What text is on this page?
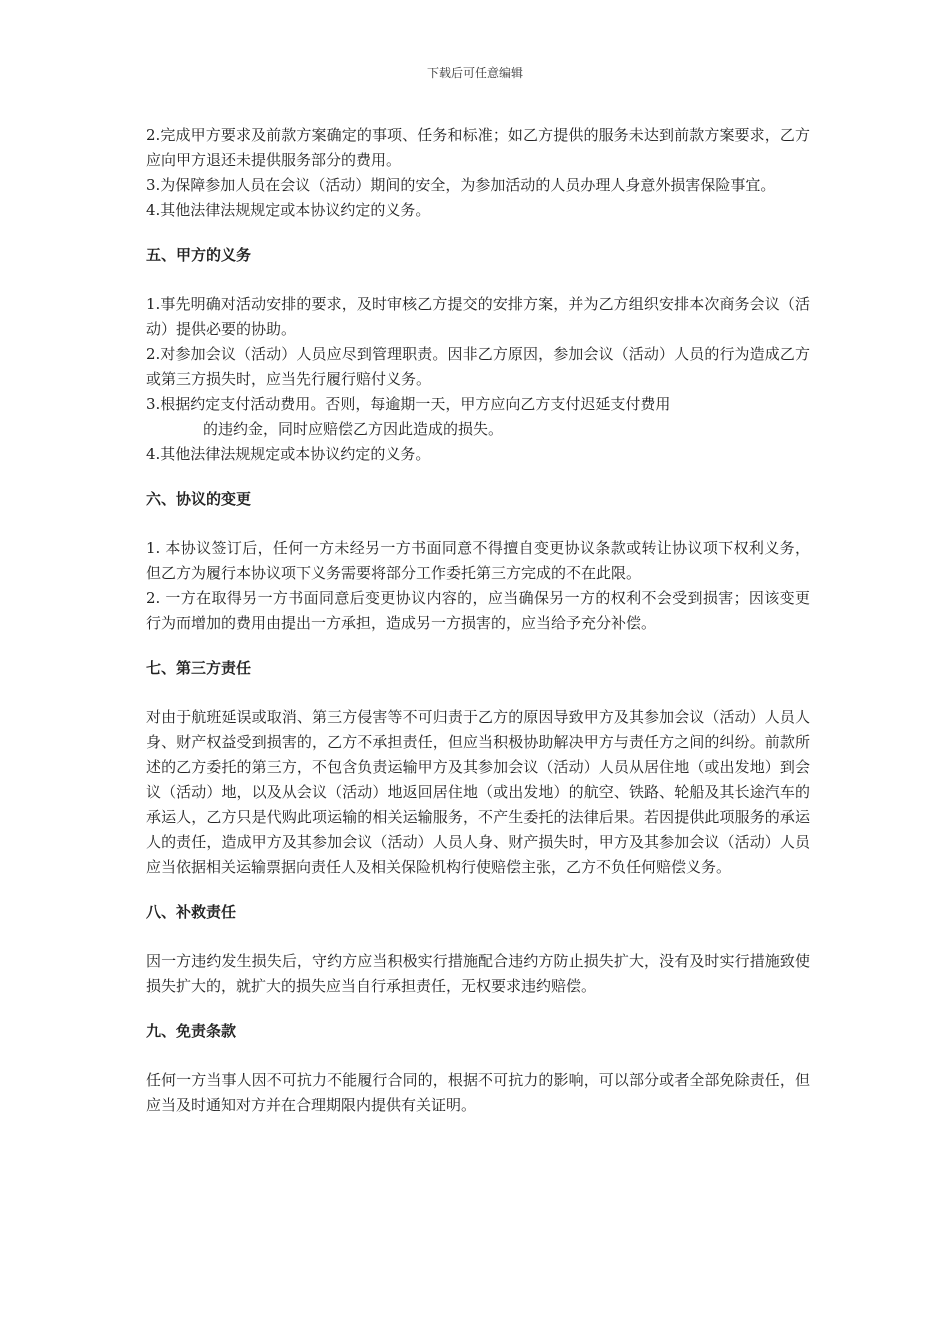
下载后可任意编辑

2.完成甲方要求及前款方案确定的事项、任务和标准；如乙方提供的服务未达到前款方案要求，乙方应向甲方退还未提供服务部分的费用。

3.为保障参加人员在会议（活动）期间的安全，为参加活动的人员办理人身意外损害保险事宜。

4.其他法律法规规定或本协议约定的义务。

五、甲方的义务

1.事先明确对活动安排的要求，及时审核乙方提交的安排方案，并为乙方组织安排本次商务会议（活动）提供必要的协助。

2.对参加会议（活动）人员应尽到管理职责。因非乙方原因，参加会议（活动）人员的行为造成乙方或第三方损失时，应当先行履行赔付义务。

3.根据约定支付活动费用。否则，每逾期一天，甲方应向乙方支付迟延支付费用
的违约金，同时应赔偿乙方因此造成的损失。

4.其他法律法规规定或本协议约定的义务。

六、协议的变更

1. 本协议签订后，任何一方未经另一方书面同意不得擅自变更协议条款或转让协议项下权利义务，但乙方为履行本协议项下义务需要将部分工作委托第三方完成的不在此限。

2. 一方在取得另一方书面同意后变更协议内容的，应当确保另一方的权利不会受到损害；因该变更行为而增加的费用由提出一方承担，造成另一方损害的，应当给予充分补偿。

七、第三方责任

对由于航班延误或取消、第三方侵害等不可归责于乙方的原因导致甲方及其参加会议（活动）人员人身、财产权益受到损害的，乙方不承担责任，但应当积极协助解决甲方与责任方之间的纠纷。前款所述的乙方委托的第三方，不包含负责运输甲方及其参加会议（活动）人员从居住地（或出发地）到会议（活动）地，以及从会议（活动）地返回居住地（或出发地）的航空、铁路、轮船及其长途汽车的承运人，乙方只是代购此项运输的相关运输服务，不产生委托的法律后果。若因提供此项服务的承运人的责任，造成甲方及其参加会议（活动）人员人身、财产损失时，甲方及其参加会议（活动）人员应当依据相关运输票据向责任人及相关保险机构行使赔偿主张，乙方不负任何赔偿义务。

八、补救责任

因一方违约发生损失后，守约方应当积极实行措施配合违约方防止损失扩大，没有及时实行措施致使损失扩大的，就扩大的损失应当自行承担责任，无权要求违约赔偿。

九、免责条款

任何一方当事人因不可抗力不能履行合同的，根据不可抗力的影响，可以部分或者全部免除责任，但应当及时通知对方并在合理期限内提供有关证明。
